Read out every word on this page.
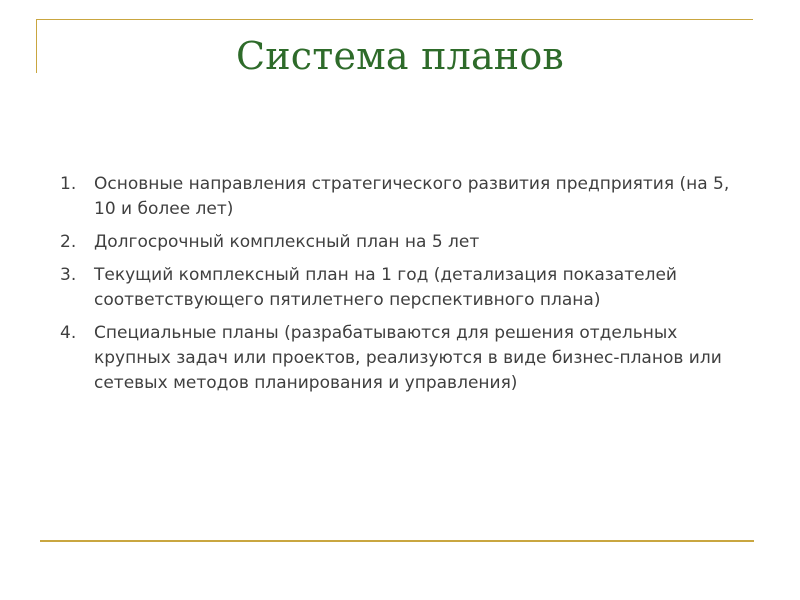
Система планов
1.	Основные направления стратегического развития предприятия (на 5, 10 и более лет)
2.	Долгосрочный комплексный план на 5 лет
3.	Текущий комплексный план на 1 год (детализация показателей соответствующего пятилетнего перспективного плана)
4.	Специальные планы (разрабатываются для решения отдельных крупных задач или проектов, реализуются в виде бизнес-планов или сетевых методов планирования и управления)
